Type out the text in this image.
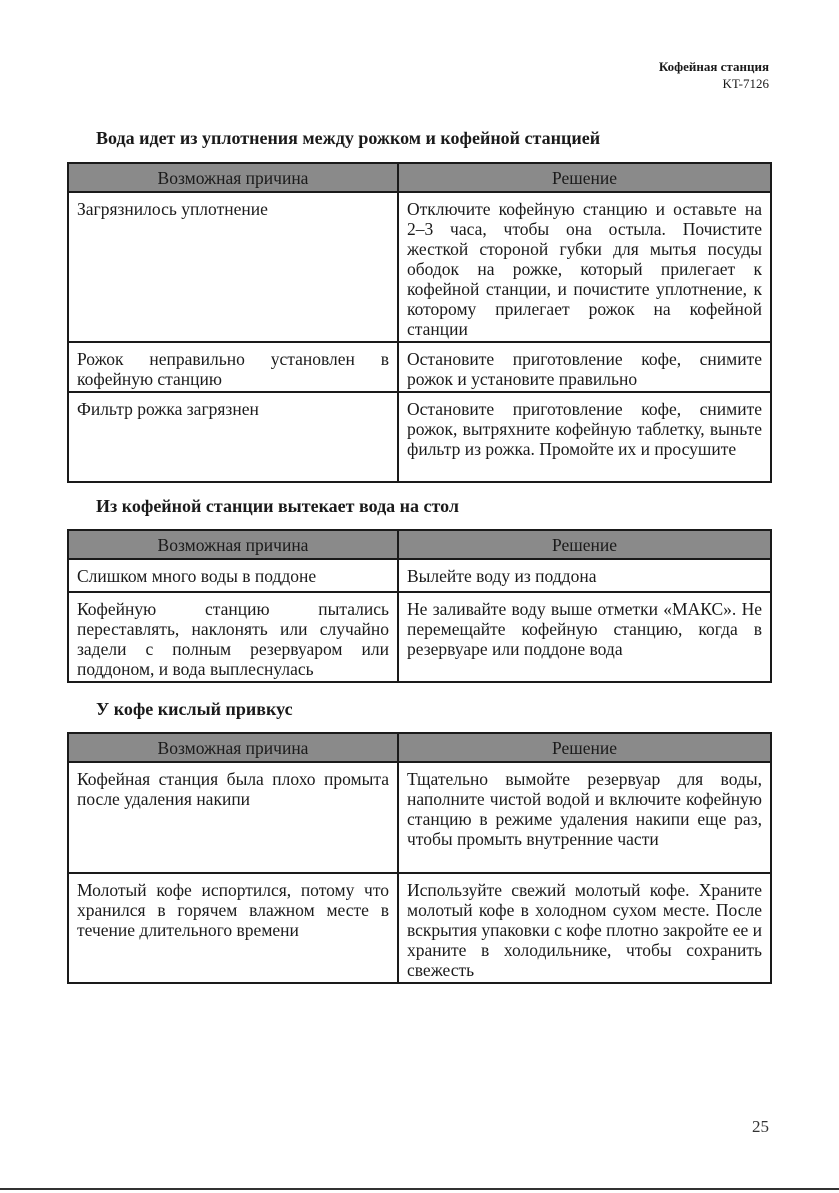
Кофейная станция
KT-7126
Вода идет из уплотнения между рожком и кофейной станцией
Возможная причина	Решение
Загрязнилось уплотнение	Отключите кофейную станцию и оставьте на 2–3 часа, чтобы она остыла. Почистите жесткой стороной губки для мытья посуды ободок на рожке, который прилегает к кофейной станции, и почистите уплотнение, к которому прилегает рожок на кофейной станции
Рожок неправильно установлен в кофейную станцию	Остановите приготовление кофе, снимите рожок и установите правильно
Фильтр рожка загрязнен	Остановите приготовление кофе, снимите рожок, вытряхните кофейную таблетку, выньте фильтр из рожка. Промойте их и просушите
Из кофейной станции вытекает вода на стол
Возможная причина	Решение
Слишком много воды в поддоне	Вылейте воду из поддона
Кофейную станцию пытались переставлять, наклонять или случайно задели с полным резервуаром или поддоном, и вода выплеснулась	Не заливайте воду выше отметки «МАКС». Не перемещайте кофейную станцию, когда в резервуаре или поддоне вода
У кофе кислый привкус
Возможная причина	Решение
Кофейная станция была плохо промыта после удаления накипи	Тщательно вымойте резервуар для воды, наполните чистой водой и включите кофейную станцию в режиме удаления накипи еще раз, чтобы промыть внутренние части
Молотый кофе испортился, потому что хранился в горячем влажном месте в течение длительного времени	Используйте свежий молотый кофе. Храните молотый кофе в холодном сухом месте. После вскрытия упаковки с кофе плотно закройте ее и храните в холодильнике, чтобы сохранить свежесть
25
